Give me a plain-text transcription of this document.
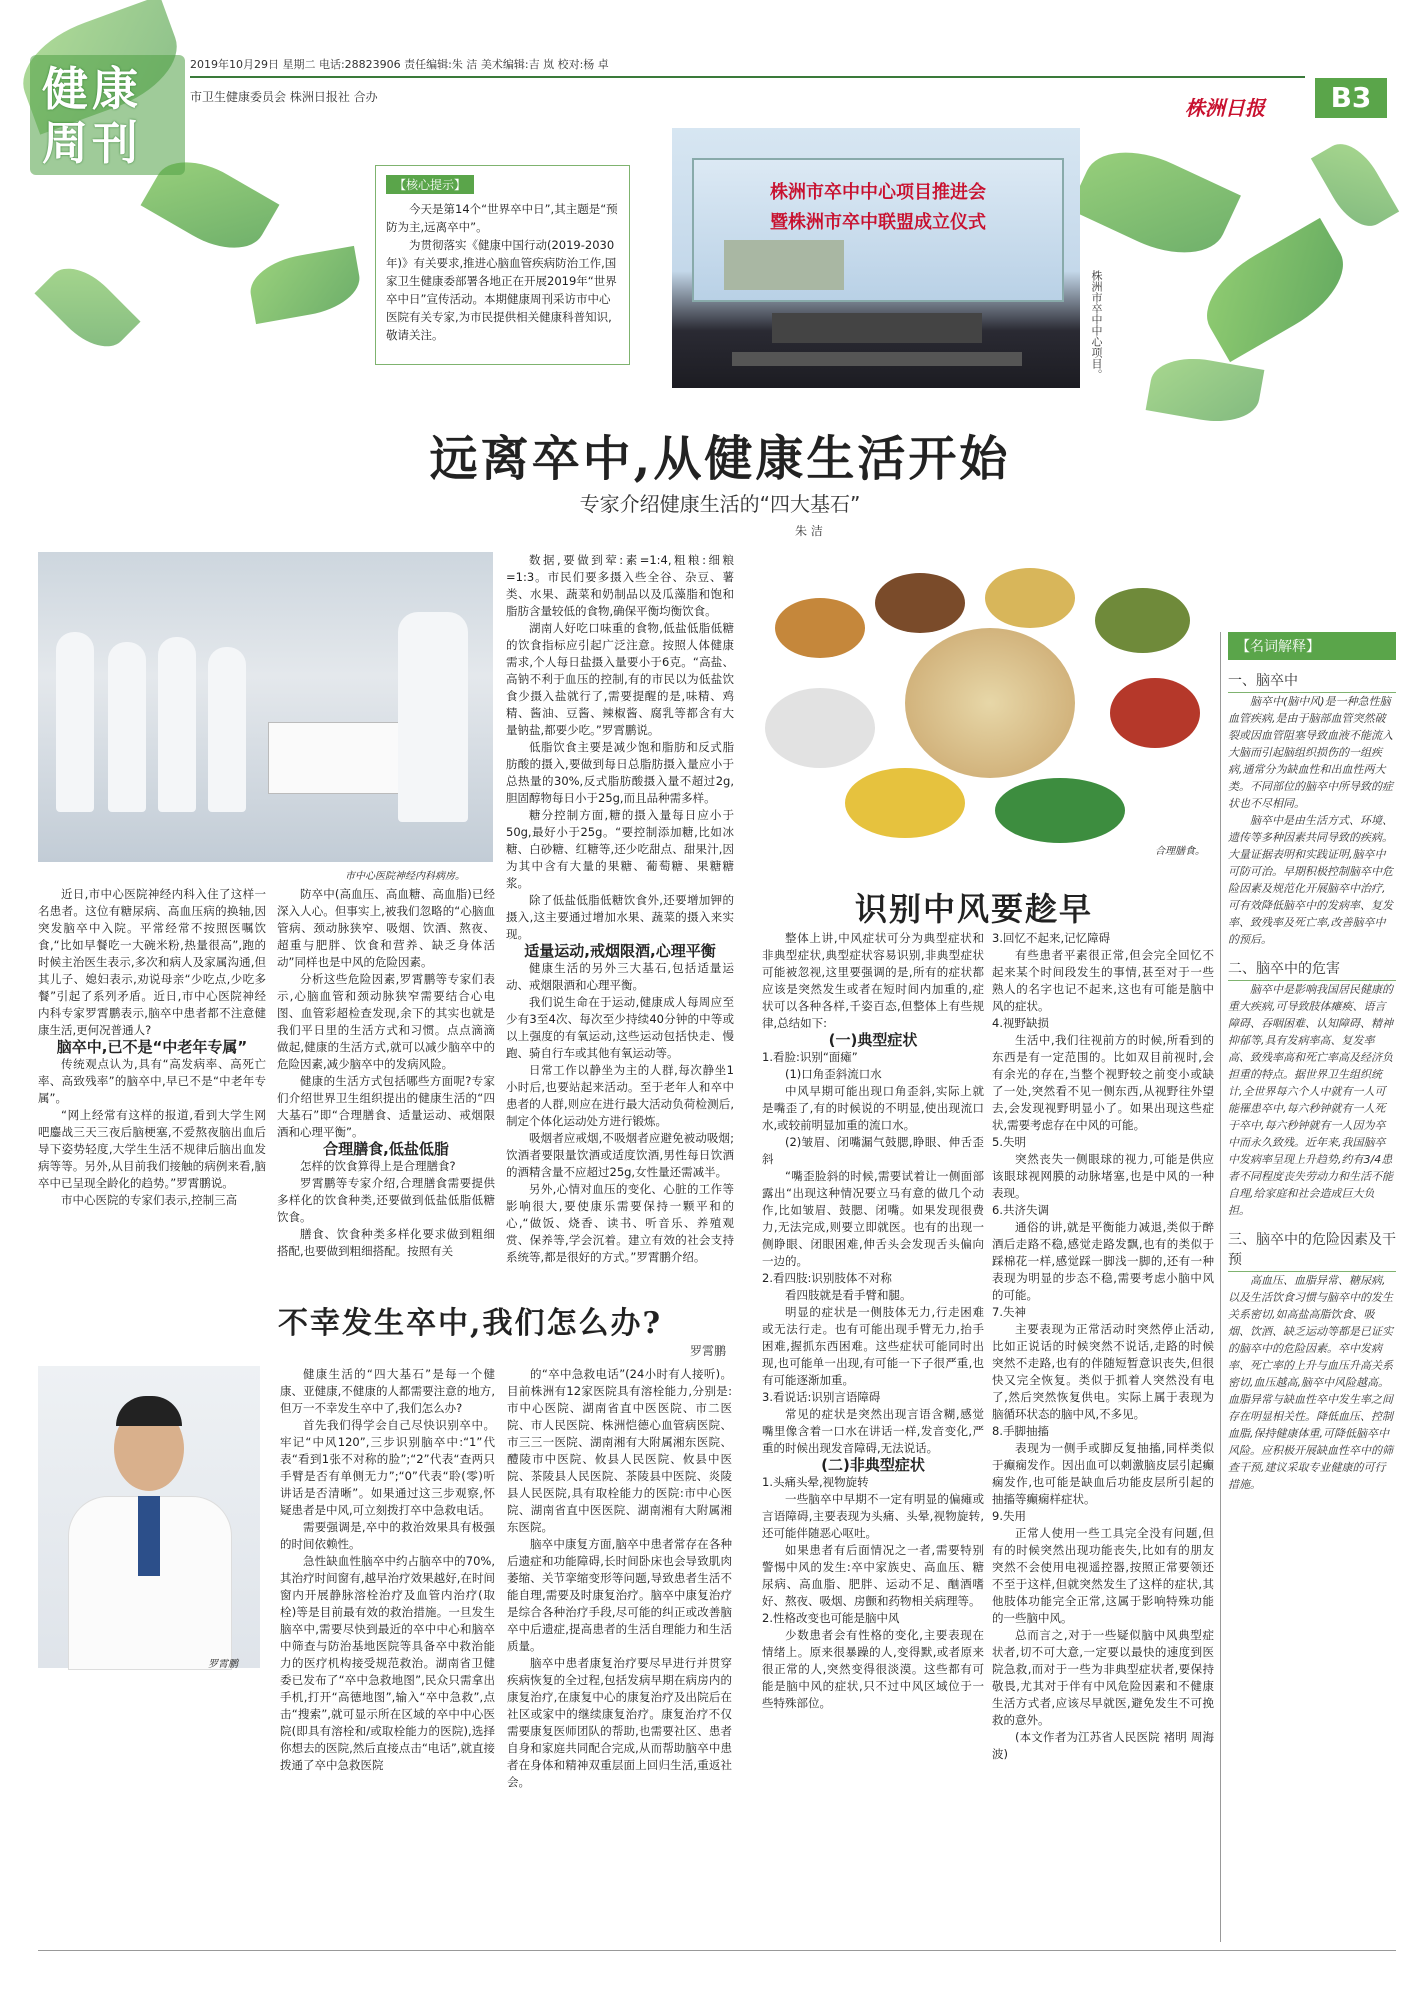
健康
周刊
2019年10月29日 星期二 电话:28823906 责任编辑:朱 洁 美术编辑:吉 岚 校对:杨 卓
市卫生健康委员会 株洲日报社 合办	株洲日报	B3
【核心提示】
今天是第14个“世界卒中日”,其主题是“预防为主,远离卒中”。
为贯彻落实《健康中国行动(2019-2030年)》有关要求,推进心脑血管疾病防治工作,国家卫生健康委部署各地正在开展2019年“世界卒中日”宣传活动。本期健康周刊采访市中心医院有关专家,为市民提供相关健康科普知识,敬请关注。
株洲市卒中中心项目推进会
暨株洲市卒中联盟成立仪式
株洲市卒中中心项目。
远离卒中,从健康生活开始
专家介绍健康生活的“四大基石”
朱 洁
市中心医院神经内科病房。
合理膳食。

近日,市中心医院神经内科入住了这样一名患者。这位有糖尿病、高血压病的换轴,因突发脑卒中入院。平常经常不按照医嘱饮食,“比如早餐吃一大碗米粉,热量很高”,跑的时候主治医生表示,多次和病人及家属沟通,但其儿子、媳妇表示,劝说母亲“少吃点,少吃多餐”引起了系列矛盾。近日,市中心医院神经内科专家罗霄鹏表示,脑卒中患者都不注意健康生活,更何况普通人?

脑卒中,已不是“中老年专属”

传统观点认为,具有“高发病率、高死亡率、高致残率”的脑卒中,早已不是“中老年专属”。

“网上经常有这样的报道,看到大学生网吧鏖战三天三夜后脑梗塞,不爱熬夜脑出血后导下姿势轻度,大学生生活不规律后脑出血发病等等。另外,从目前我们接触的病例来看,脑卒中已呈现全龄化的趋势。”罗霄鹏说。

市中心医院的专家们表示,控制三高

防卒中(高血压、高血糖、高血脂)已经深入人心。但事实上,被我们忽略的“心脑血管病、颈动脉狭窄、吸烟、饮酒、熬夜、超重与肥胖、饮食和营养、缺乏身体活动”同样也是中风的危险因素。

分析这些危险因素,罗霄鹏等专家们表示,心脑血管和颈动脉狭窄需要结合心电图、血管彩超检查发现,余下的其实也就是我们平日里的生活方式和习惯。点点滴滴做起,健康的生活方式,就可以减少脑卒中的危险因素,减少脑卒中的发病风险。

健康的生活方式包括哪些方面呢?专家们介绍世界卫生组织提出的健康生活的“四大基石”即“合理膳食、适量运动、戒烟限酒和心理平衡”。

合理膳食,低盐低脂

怎样的饮食算得上是合理膳食?

罗霄鹏等专家介绍,合理膳食需要提供多样化的饮食种类,还要做到低盐低脂低糖饮食。

膳食、饮食种类多样化要求做到粗细搭配,也要做到粗细搭配。按照有关

数据,要做到荤:素=1:4,粗粮:细粮=1:3。市民们要多摄入些全谷、杂豆、薯类、水果、蔬菜和奶制品以及瓜藻脂和饱和脂肪含量较低的食物,确保平衡均衡饮食。

湖南人好吃口味重的食物,低盐低脂低糖的饮食指标应引起广泛注意。按照人体健康需求,个人每日盐摄入量要小于6克。“高盐、高钠不利于血压的控制,有的市民以为低盐饮食少摄入盐就行了,需要提醒的是,味精、鸡精、酱油、豆酱、辣椒酱、腐乳等都含有大量钠盐,都要少吃。”罗霄鹏说。

低脂饮食主要是减少饱和脂肪和反式脂肪酸的摄入,要做到每日总脂肪摄入量应小于总热量的30%,反式脂肪酸摄入量不超过2g,胆固醇物每日小于25g,而且品种需多样。

糖分控制方面,糖的摄入量每日应小于50g,最好小于25g。“要控制添加糖,比如冰糖、白砂糖、红糖等,还少吃甜点、甜果汁,因为其中含有大量的果糖、葡萄糖、果糖糖浆。

除了低盐低脂低糖饮食外,还要增加钾的摄入,这主要通过增加水果、蔬菜的摄入来实现。

适量运动,戒烟限酒,心理平衡

健康生活的另外三大基石,包括适量运动、戒烟限酒和心理平衡。

我们说生命在于运动,健康成人每周应至少有3至4次、每次至少持续40分钟的中等或以上强度的有氧运动,这些运动包括快走、慢跑、骑自行车或其他有氧运动等。

日常工作以静坐为主的人群,每次静坐1小时后,也要站起来活动。至于老年人和卒中患者的人群,则应在进行最大活动负荷检测后,制定个体化运动处方进行锻炼。

吸烟者应戒烟,不吸烟者应避免被动吸烟;饮酒者要限量饮酒或适度饮酒,男性每日饮酒的酒精含量不应超过25g,女性量还需减半。

另外,心情对血压的变化、心脏的工作等影响很大,要使康乐需要保持一颗平和的心,“做饭、烧香、读书、听音乐、养殖观赏、保养等,学会沉着。建立有效的社会支持系统等,都是很好的方式。”罗霄鹏介绍。

不幸发生卒中,我们怎么办?
罗霄鹏
罗霄鹏

健康生活的“四大基石”是每一个健康、亚健康,不健康的人都需要注意的地方,但万一不幸发生卒中了,我们怎么办?

首先我们得学会自己尽快识别卒中。牢记“中风120”,三步识别脑卒中:“1”代表“看到1张不对称的脸”;“2”代表“查两只手臂是否有单侧无力”;“0”代表“聆(零)听讲话是否清晰”。如果通过这三步观察,怀疑患者是中风,可立刻拨打卒中急救电话。

需要强调是,卒中的救治效果具有极强的时间依赖性。

急性缺血性脑卒中约占脑卒中的70%,其治疗时间窗有,越早治疗效果越好,在时间窗内开展静脉溶栓治疗及血管内治疗(取栓)等是目前最有效的救治措施。一旦发生脑卒中,需要尽快到最近的卒中中心和脑卒中筛查与防治基地医院等具备卒中救治能力的医疗机构接受规范救治。湖南省卫健委已发布了“卒中急救地图”,民众只需拿出手机,打开“高德地图”,输入“卒中急救”,点击“搜索”,就可显示所在区域的卒中中心医院(即具有溶栓和/或取栓能力的医院),选择你想去的医院,然后直接点击“电话”,就直接拨通了卒中急救医院

的“卒中急救电话”(24小时有人接听)。目前株洲有12家医院具有溶栓能力,分别是:市中心医院、湖南省直中医医院、市二医院、市人民医院、株洲恺德心血管病医院、市三三一医院、湖南湘有大附属湘东医院、醴陵市中医院、攸县人民医院、攸县中医院、茶陵县人民医院、茶陵县中医院、炎陵县人民医院,具有取栓能力的医院:市中心医院、湖南省直中医医院、湖南湘有大附属湘东医院。

脑卒中康复方面,脑卒中患者常存在各种后遗症和功能障碍,长时间卧床也会导致肌肉萎缩、关节挛缩变形等问题,导致患者生活不能自理,需要及时康复治疗。脑卒中康复治疗是综合各种治疗手段,尽可能的纠正或改善脑卒中后遗症,提高患者的生活自理能力和生活质量。

脑卒中患者康复治疗要尽早进行并贯穿疾病恢复的全过程,包括发病早期在病房内的康复治疗,在康复中心的康复治疗及出院后在社区或家中的继续康复治疗。康复治疗不仅需要康复医师团队的帮助,也需要社区、患者自身和家庭共同配合完成,从而帮助脑卒中患者在身体和精神双重层面上回归生活,重返社会。

识别中风要趁早

整体上讲,中风症状可分为典型症状和非典型症状,典型症状容易识别,非典型症状可能被忽视,这里要强调的是,所有的症状都应该是突然发生或者在短时间内加重的,症状可以各种各样,千姿百态,但整体上有些规律,总结如下:

(一)典型症状

1.看脸:识别“面瘫”

(1)口角歪斜流口水

中风早期可能出现口角歪斜,实际上就是嘴歪了,有的时候说的不明显,使出现流口水,或较前明显加重的流口水。

(2)皱眉、闭嘴漏气鼓腮,睁眼、伸舌歪斜

“嘴歪脸斜的时候,需要试着让一侧面部露出“出现这种情况要立马有意的做几个动作,比如皱眉、鼓腮、闭嘴。如果发现很费力,无法完成,则要立即就医。也有的出现一侧睁眼、闭眼困难,伸舌头会发现舌头偏向一边的。

2.看四肢:识别肢体不对称

看四肢就是看手臂和腿。

明显的症状是一侧肢体无力,行走困难或无法行走。也有可能出现手臂无力,抬手困难,握抓东西困难。这些症状可能同时出现,也可能单一出现,有可能一下子很严重,也有可能逐渐加重。

3.看说话:识别言语障碍

常见的症状是突然出现言语含糊,感觉嘴里像含着一口水在讲话一样,发音变化,严重的时候出现发音障碍,无法说话。

(二)非典型症状

1.头痛头晕,视物旋转

一些脑卒中早期不一定有明显的偏瘫或言语障碍,主要表现为头痛、头晕,视物旋转,还可能伴随恶心呕吐。

如果患者有后面情况之一者,需要特别警惕中风的发生:卒中家族史、高血压、糖尿病、高血脂、肥胖、运动不足、酗酒嗜好、熬夜、吸烟、房颤和药物相关病理等。

2.性格改变也可能是脑中风

少数患者会有性格的变化,主要表现在情绪上。原来很暴躁的人,变得默,或者原来很正常的人,突然变得很淡漠。这些都有可能是脑中风的症状,只不过中风区域位于一些特殊部位。

3.回忆不起来,记忆障碍

有些患者平素很正常,但会完全回忆不起来某个时间段发生的事情,甚至对于一些熟人的名字也记不起来,这也有可能是脑中风的症状。

4.视野缺损

生活中,我们往视前方的时候,所看到的东西是有一定范围的。比如双目前视时,会有余光的存在,当整个视野较之前变小或缺了一处,突然看不见一侧东西,从视野往外望去,会发现视野明显小了。如果出现这些症状,需要考虑存在中风的可能。

5.失明

突然丧失一侧眼球的视力,可能是供应该眼球视网膜的动脉堵塞,也是中风的一种表现。

6.共济失调

通俗的讲,就是平衡能力减退,类似于醉酒后走路不稳,感觉走路发飘,也有的类似于踩棉花一样,感觉踩一脚浅一脚的,还有一种表现为明显的步态不稳,需要考虑小脑中风的可能。

7.失神

主要表现为正常活动时突然停止活动,比如正说话的时候突然不说话,走路的时候突然不走路,也有的伴随短暂意识丧失,但很快又完全恢复。类似于抓着人突然没有电了,然后突然恢复供电。实际上属于表现为脑循环状态的脑中风,不多见。

8.手脚抽搐

表现为一侧手或脚反复抽搐,同样类似于癫痫发作。因出血可以刺激脑皮层引起癫痫发作,也可能是缺血后功能皮层所引起的抽搐等癫痫样症状。

9.失用

正常人使用一些工具完全没有问题,但有的时候突然出现功能丧失,比如有的朋友突然不会使用电视遥控器,按照正常要领还不至于这样,但就突然发生了这样的症状,其他肢体功能完全正常,这属于影响特殊功能的一些脑中风。

总而言之,对于一些疑似脑中风典型症状者,切不可大意,一定要以最快的速度到医院急救,而对于一些为非典型症状者,要保持敬畏,尤其对于伴有中风危险因素和不健康生活方式者,应该尽早就医,避免发生不可挽救的意外。

(本文作者为江苏省人民医院 褚明 周海波)

【名词解释】
一、脑卒中
脑卒中(脑中风)是一种急性脑血管疾病,是由于脑部血管突然破裂或因血管阻塞导致血液不能流入大脑而引起脑组织损伤的一组疾病,通常分为缺血性和出血性两大类。不同部位的脑卒中所导致的症状也不尽相同。
脑卒中是由生活方式、环境、遗传等多种因素共同导致的疾病。大量证据表明和实践证明,脑卒中可防可治。早期积极控制脑卒中危险因素及规范化开展脑卒中治疗,可有效降低脑卒中的发病率、复发率、致残率及死亡率,改善脑卒中的预后。
二、脑卒中的危害
脑卒中是影响我国居民健康的重大疾病,可导致肢体瘫痪、语言障碍、吞咽困难、认知障碍、精神抑郁等,具有发病率高、复发率高、致残率高和死亡率高及经济负担重的特点。据世界卫生组织统计,全世界每六个人中就有一人可能罹患卒中,每六秒钟就有一人死于卒中,每六秒钟就有一人因为卒中而永久致残。近年来,我国脑卒中发病率呈现上升趋势,约有3/4患者不同程度丧失劳动力和生活不能自理,给家庭和社会造成巨大负担。
三、脑卒中的危险因素及干预
高血压、血脂异常、糖尿病,以及生活饮食习惯与脑卒中的发生关系密切,如高盐高脂饮食、吸烟、饮酒、缺乏运动等都是已证实的脑卒中的危险因素。卒中发病率、死亡率的上升与血压升高关系密切,血压越高,脑卒中风险越高。血脂异常与缺血性卒中发生率之间存在明显相关性。降低血压、控制血脂,保持健康体重,可降低脑卒中风险。应积极开展缺血性卒中的筛查干预,建议采取专业健康的可行措施。
